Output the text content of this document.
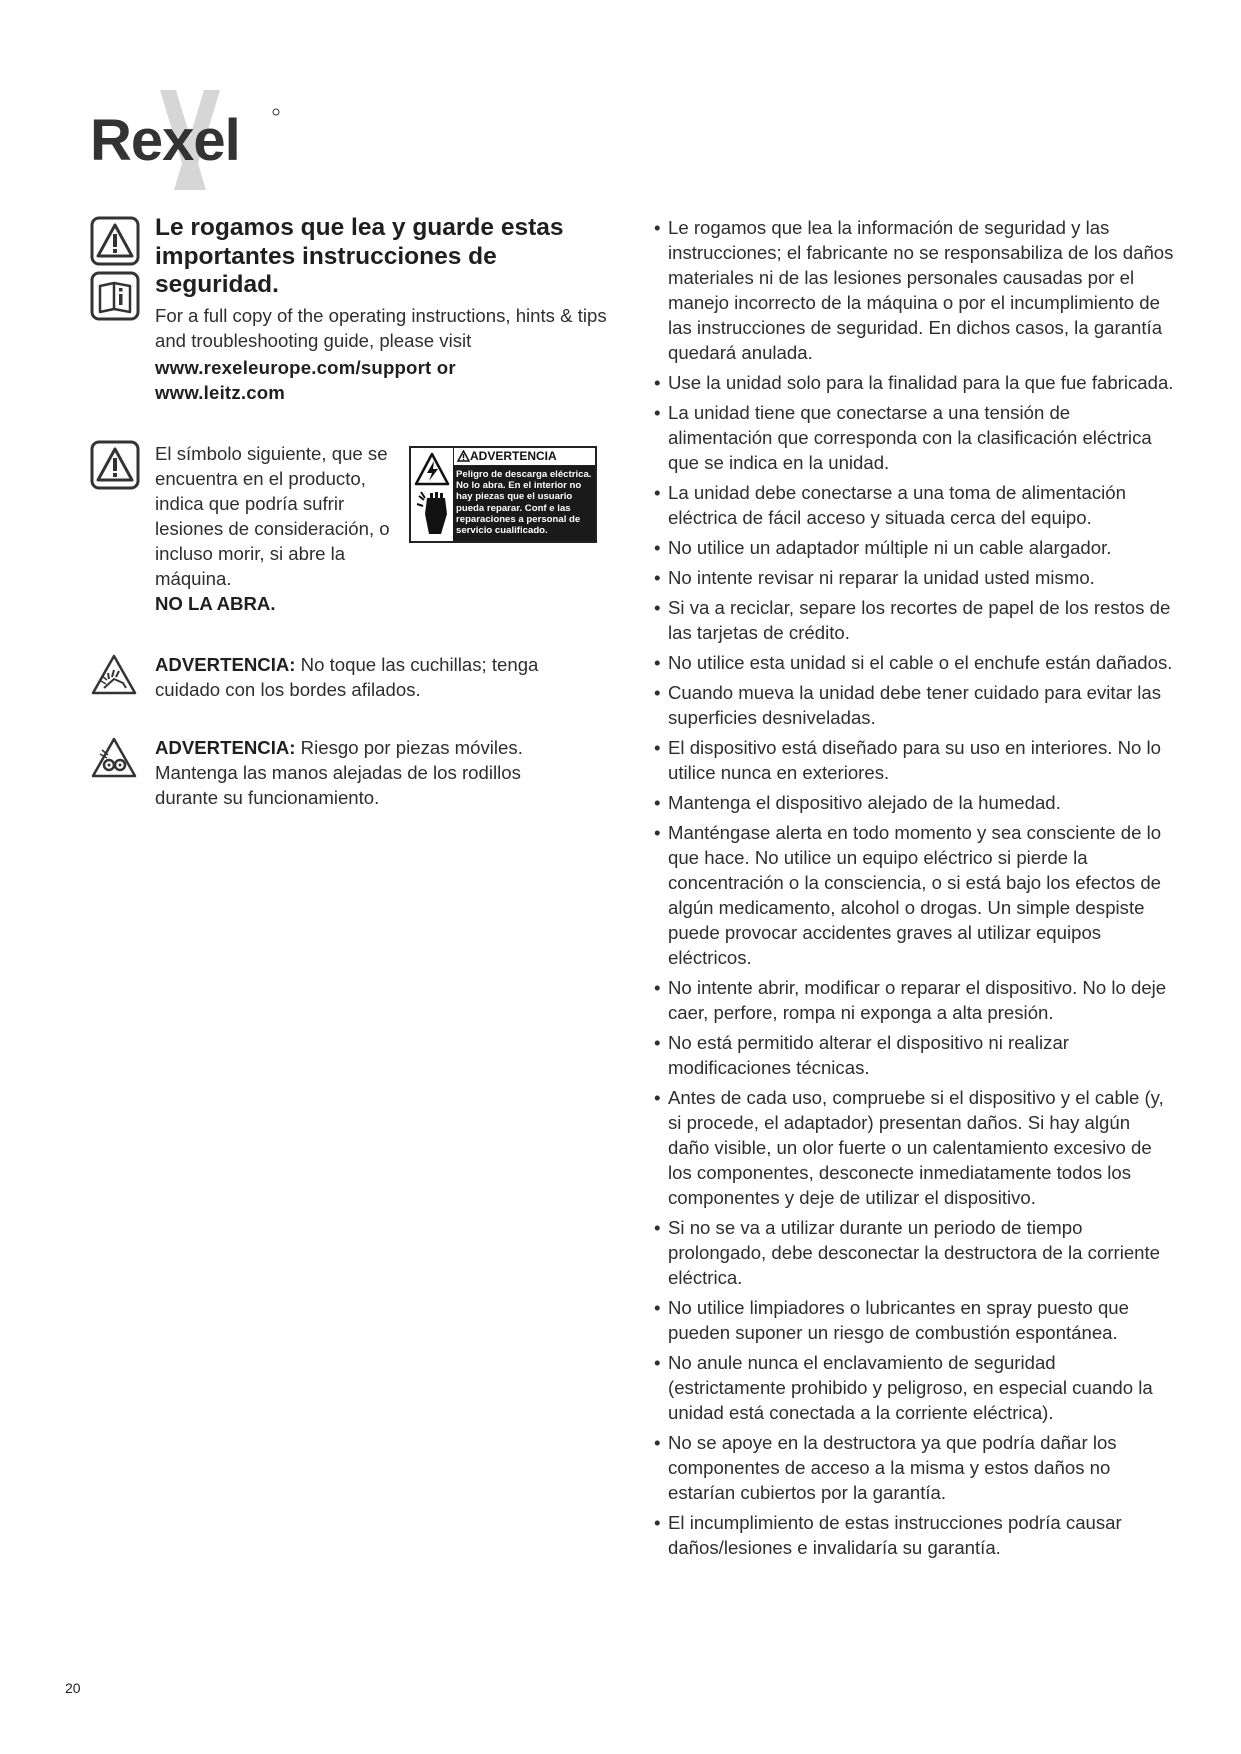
Rexel
Le rogamos que lea y guarde estas importantes instrucciones de seguridad.
For a full copy of the operating instructions, hints & tips and troubleshooting guide, please visit
www.rexeleurope.com/support or
www.leitz.com
El símbolo siguiente, que se encuentra en el producto, indica que podría sufrir lesiones de consideración, o incluso morir, si abre la máquina.
NO LA ABRA.
ADVERTENCIA
Peligro de descarga eléctrica.
No lo abra. En el interior no
hay piezas que el usuario
pueda reparar. Conf e las
reparaciones a personal de
servicio cualificado.
ADVERTENCIA: No toque las cuchillas; tenga cuidado con los bordes afilados.
ADVERTENCIA: Riesgo por piezas móviles. Mantenga las manos alejadas de los rodillos durante su funcionamiento.
• Le rogamos que lea la información de seguridad y las instrucciones; el fabricante no se responsabiliza de los daños materiales ni de las lesiones personales causadas por el manejo incorrecto de la máquina o por el incumplimiento de las instrucciones de seguridad. En dichos casos, la garantía quedará anulada.
• Use la unidad solo para la finalidad para la que fue fabricada.
• La unidad tiene que conectarse a una tensión de alimentación que corresponda con la clasificación eléctrica que se indica en la unidad.
• La unidad debe conectarse a una toma de alimentación eléctrica de fácil acceso y situada cerca del equipo.
• No utilice un adaptador múltiple ni un cable alargador.
• No intente revisar ni reparar la unidad usted mismo.
• Si va a reciclar, separe los recortes de papel de los restos de las tarjetas de crédito.
• No utilice esta unidad si el cable o el enchufe están dañados.
• Cuando mueva la unidad debe tener cuidado para evitar las superficies desniveladas.
• El dispositivo está diseñado para su uso en interiores. No lo utilice nunca en exteriores.
• Mantenga el dispositivo alejado de la humedad.
• Manténgase alerta en todo momento y sea consciente de lo que hace. No utilice un equipo eléctrico si pierde la concentración o la consciencia, o si está bajo los efectos de algún medicamento, alcohol o drogas. Un simple despiste puede provocar accidentes graves al utilizar equipos eléctricos.
• No intente abrir, modificar o reparar el dispositivo. No lo deje caer, perfore, rompa ni exponga a alta presión.
• No está permitido alterar el dispositivo ni realizar modificaciones técnicas.
• Antes de cada uso, compruebe si el dispositivo y el cable (y, si procede, el adaptador) presentan daños. Si hay algún daño visible, un olor fuerte o un calentamiento excesivo de los componentes, desconecte inmediatamente todos los componentes y deje de utilizar el dispositivo.
• Si no se va a utilizar durante un periodo de tiempo prolongado, debe desconectar la destructora de la corriente eléctrica.
• No utilice limpiadores o lubricantes en spray puesto que pueden suponer un riesgo de combustión espontánea.
• No anule nunca el enclavamiento de seguridad (estrictamente prohibido y peligroso, en especial cuando la unidad está conectada a la corriente eléctrica).
• No se apoye en la destructora ya que podría dañar los componentes de acceso a la misma y estos daños no estarían cubiertos por la garantía.
• El incumplimiento de estas instrucciones podría causar daños/lesiones e invalidaría su garantía.
20
